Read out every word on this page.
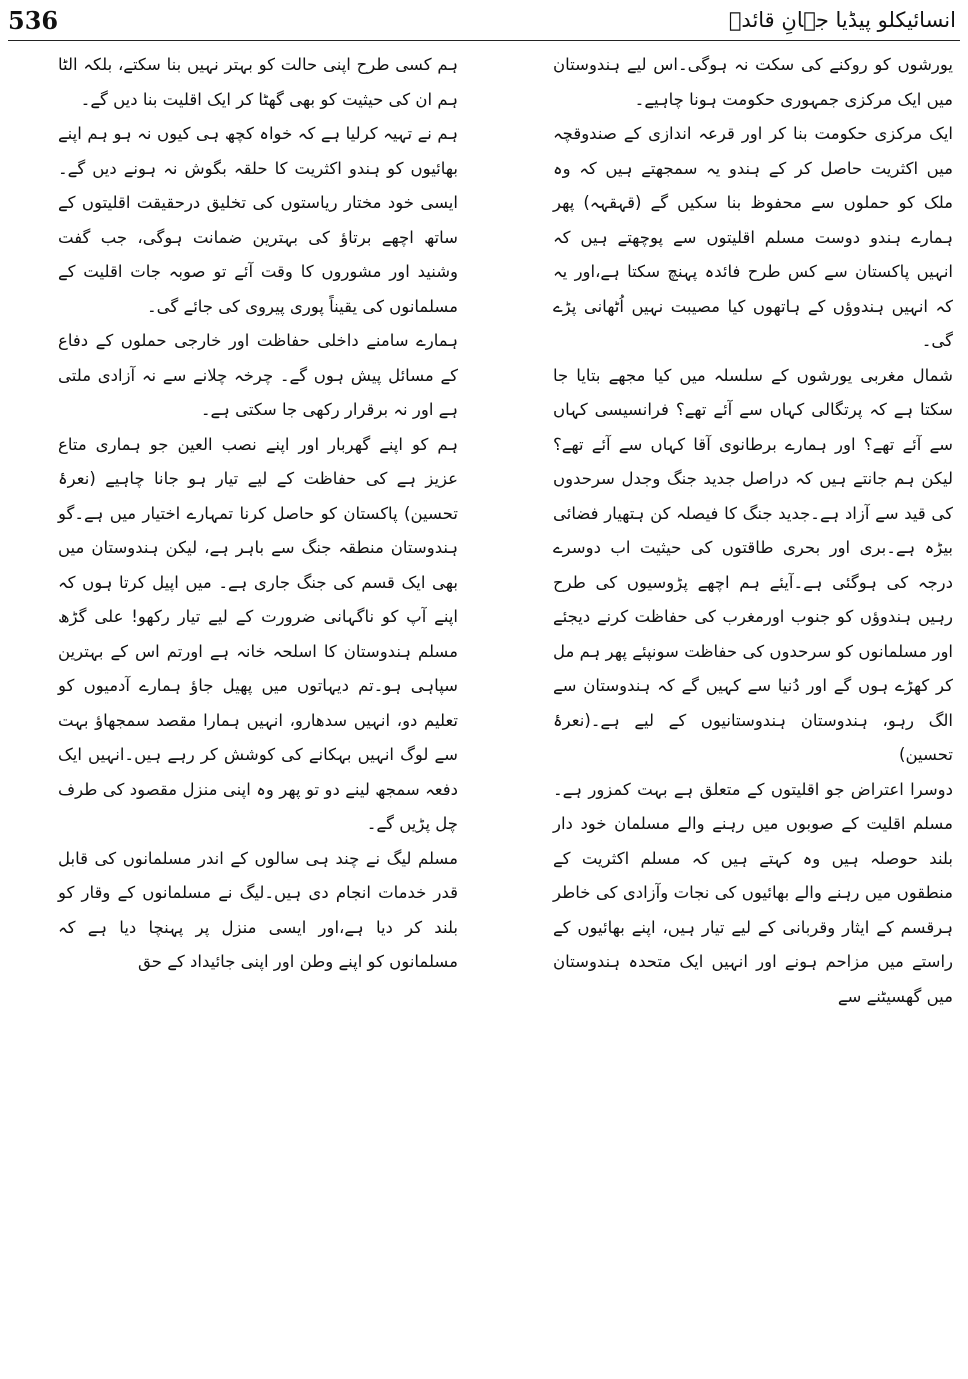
536	انسائیکلو پیڈیا جہانِ قائدؒ

یورشوں کو روکنے کی سکت نہ ہوگی۔اس لیے ہندوستان میں ایک مرکزی جمہوری حکومت ہونا چاہیے۔

ایک مرکزی حکومت بنا کر اور قرعہ اندازی کے صندوقچہ میں اکثریت حاصل کر کے ہندو یہ سمجھتے ہیں کہ وہ ملک کو حملوں سے محفوظ بنا سکیں گے (قہقہہ) پھر ہمارے ہندو دوست مسلم اقلیتوں سے پوچھتے ہیں کہ انہیں پاکستان سے کس طرح فائدہ پہنچ سکتا ہے،اور یہ کہ انہیں ہندوؤں کے ہاتھوں کیا مصیبت نہیں اُٹھانی پڑے گی۔

شمال مغربی یورشوں کے سلسلہ میں کیا مجھے بتایا جا سکتا ہے کہ پرتگالی کہاں سے آئے تھے؟ فرانسیسی کہاں سے آئے تھے؟ اور ہمارے برطانوی آقا کہاں سے آئے تھے؟لیکن ہم جانتے ہیں کہ دراصل جدید جنگ وجدل سرحدوں کی قید سے آزاد ہے۔جدید جنگ کا فیصلہ کن ہتھیار فضائی بیڑہ ہے۔بری اور بحری طاقتوں کی حیثیت اب دوسرے درجہ کی ہوگئی ہے۔آیئے ہم اچھے پڑوسیوں کی طرح رہیں ہندوؤں کو جنوب اورمغرب کی حفاظت کرنے دیجئے اور مسلمانوں کو سرحدوں کی حفاظت سونپئے پھر ہم مل کر کھڑے ہوں گے اور دُنیا سے کہیں گے کہ ہندوستان سے الگ رہو، ہندوستان ہندوستانیوں کے لیے ہے۔(نعرۂ تحسین)

دوسرا اعتراض جو اقلیتوں کے متعلق ہے بہت کمزور ہے۔مسلم اقلیت کے صوبوں میں رہنے والے مسلمان خود دار بلند حوصلہ ہیں وہ کہتے ہیں کہ مسلم اکثریت کے منطقوں میں رہنے والے بھائیوں کی نجات وآزادی کی خاطر ہرقسم کے ایثار وقربانی کے لیے تیار ہیں، اپنے بھائیوں کے راستے میں مزاحم ہونے اور انہیں ایک متحدہ ہندوستان میں گھسیٹنے سے

ہم کسی طرح اپنی حالت کو بہتر نہیں بنا سکتے، بلکہ الٹا ہم ان کی حیثیت کو بھی گھٹا کر ایک اقلیت بنا دیں گے۔

ہم نے تہیہ کرلیا ہے کہ خواہ کچھ ہی کیوں نہ ہو ہم اپنے بھائیوں کو ہندو اکثریت کا حلقہ بگوش نہ ہونے دیں گے۔ ایسی خود مختار ریاستوں کی تخلیق درحقیقت اقلیتوں کے ساتھ اچھے برتاؤ کی بہترین ضمانت ہوگی، جب گفت وشنید اور مشوروں کا وقت آئے تو صوبہ جات اقلیت کے مسلمانوں کی یقیناً پوری پیروی کی جائے گی۔

ہمارے سامنے داخلی حفاظت اور خارجی حملوں کے دفاع کے مسائل پیش ہوں گے۔ چرخہ چلانے سے نہ آزادی ملتی ہے اور نہ برقرار رکھی جا سکتی ہے۔

ہم کو اپنے گھربار اور اپنے نصب العین جو ہماری متاع عزیز ہے کی حفاظت کے لیے تیار ہو جانا چاہیے (نعرۂ تحسین) پاکستان کو حاصل کرنا تمہارے اختیار میں ہے۔گو ہندوستان منطقہ جنگ سے باہر ہے، لیکن ہندوستان میں بھی ایک قسم کی جنگ جاری ہے۔ میں اپیل کرتا ہوں کہ اپنے آپ کو ناگہانی ضرورت کے لیے تیار رکھو! علی گڑھ مسلم ہندوستان کا اسلحہ خانہ ہے اورتم اس کے بہترین سپاہی ہو۔تم دیہاتوں میں پھیل جاؤ ہمارے آدمیوں کو تعلیم دو، انہیں سدھارو، انہیں ہمارا مقصد سمجھاؤ بہت سے لوگ انہیں بہکانے کی کوشش کر رہے ہیں۔انہیں ایک دفعہ سمجھ لینے دو تو پھر وہ اپنی منزل مقصود کی طرف چل پڑیں گے۔

مسلم لیگ نے چند ہی سالوں کے اندر مسلمانوں کی قابل قدر خدمات انجام دی ہیں۔لیگ نے مسلمانوں کے وقار کو بلند کر دیا ہے،اور ایسی منزل پر پہنچا دیا ہے کہ مسلمانوں کو اپنے وطن اور اپنی جائیداد کے حق
